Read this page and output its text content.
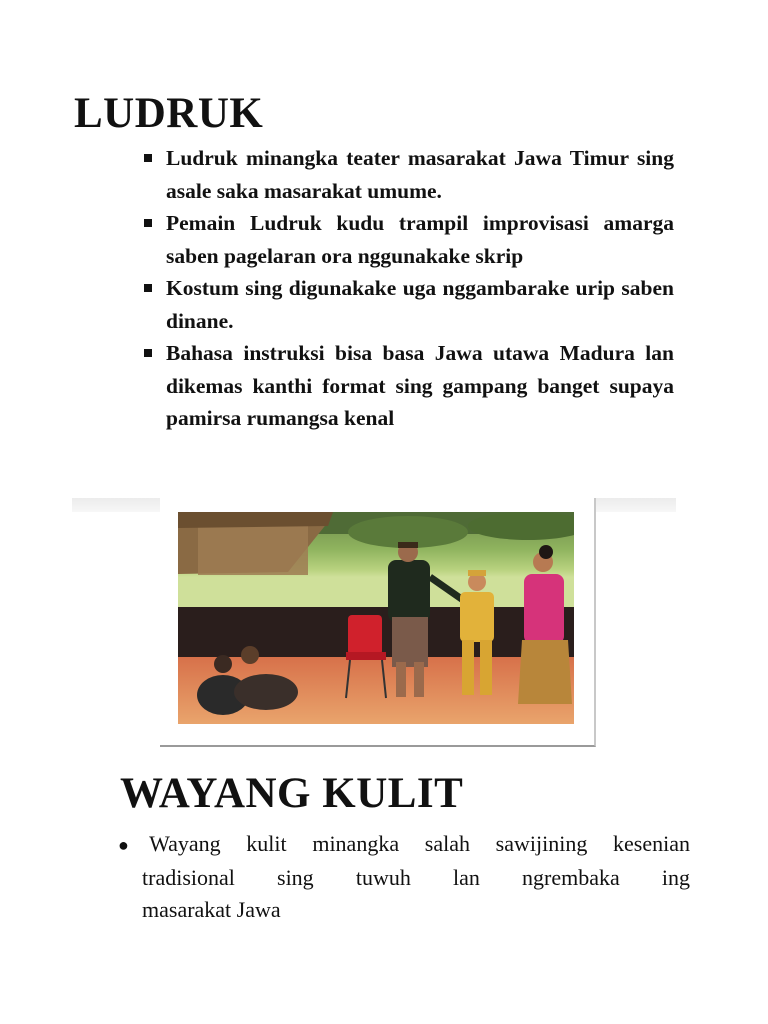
LUDRUK
Ludruk minangka teater masarakat Jawa Timur sing asale saka masarakat umume.
Pemain Ludruk kudu trampil improvisasi amarga saben pagelaran ora nggunakake skrip
Kostum sing digunakake uga nggambarake urip saben dinane.
Bahasa instruksi bisa basa Jawa utawa Madura lan dikemas kanthi format sing gampang banget supaya pamirsa rumangsa kenal
WAYANG KULIT

●Wayang kulit minangka salah sawijining kesenian
tradisional sing tuwuh lan ngrembaka ing
masarakat Jawa
